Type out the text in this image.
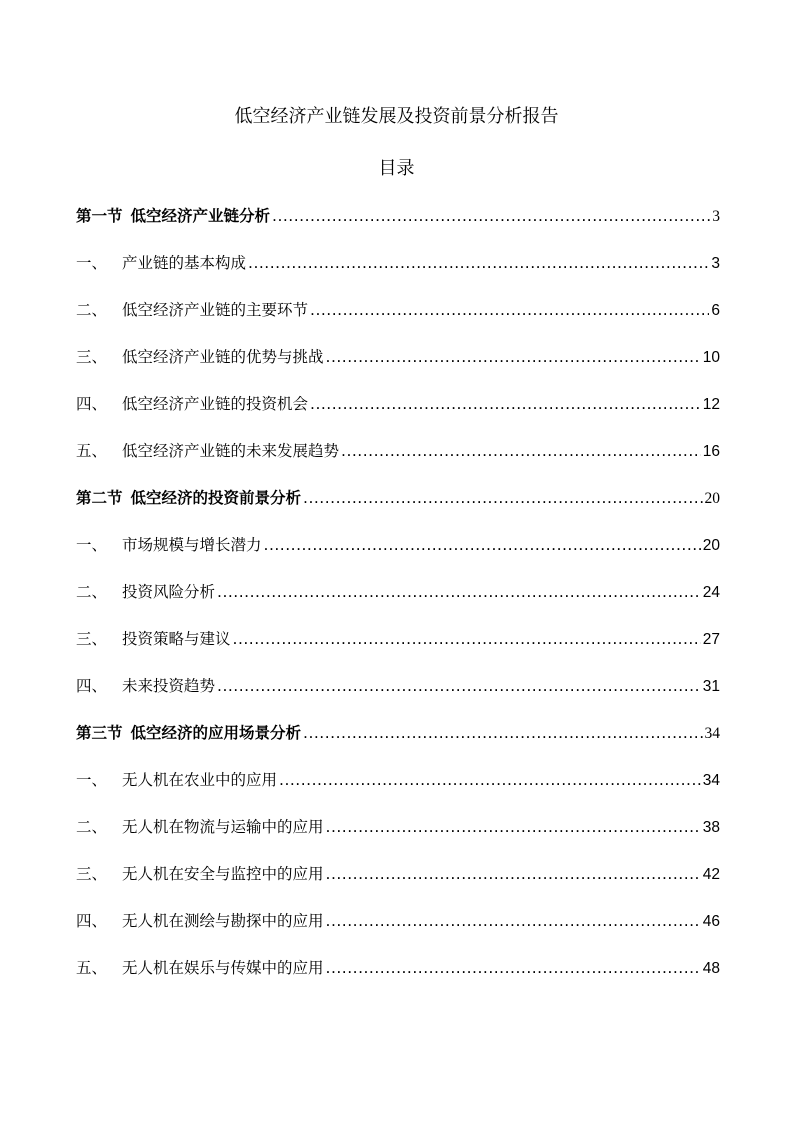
低空经济产业链发展及投资前景分析报告
目录
第一节 低空经济产业链分析 .....	3
一、 产业链的基本构成 .....	3
二、 低空经济产业链的主要环节 .....	6
三、 低空经济产业链的优势与挑战 .....	10
四、 低空经济产业链的投资机会 .....	12
五、 低空经济产业链的未来发展趋势 .....	16
第二节 低空经济的投资前景分析 .....	20
一、 市场规模与增长潜力 .....	20
二、 投资风险分析 .....	24
三、 投资策略与建议 .....	27
四、 未来投资趋势 .....	31
第三节 低空经济的应用场景分析 .....	34
一、 无人机在农业中的应用 .....	34
二、 无人机在物流与运输中的应用 .....	38
三、 无人机在安全与监控中的应用 .....	42
四、 无人机在测绘与勘探中的应用 .....	46
五、 无人机在娱乐与传媒中的应用 .....	48
